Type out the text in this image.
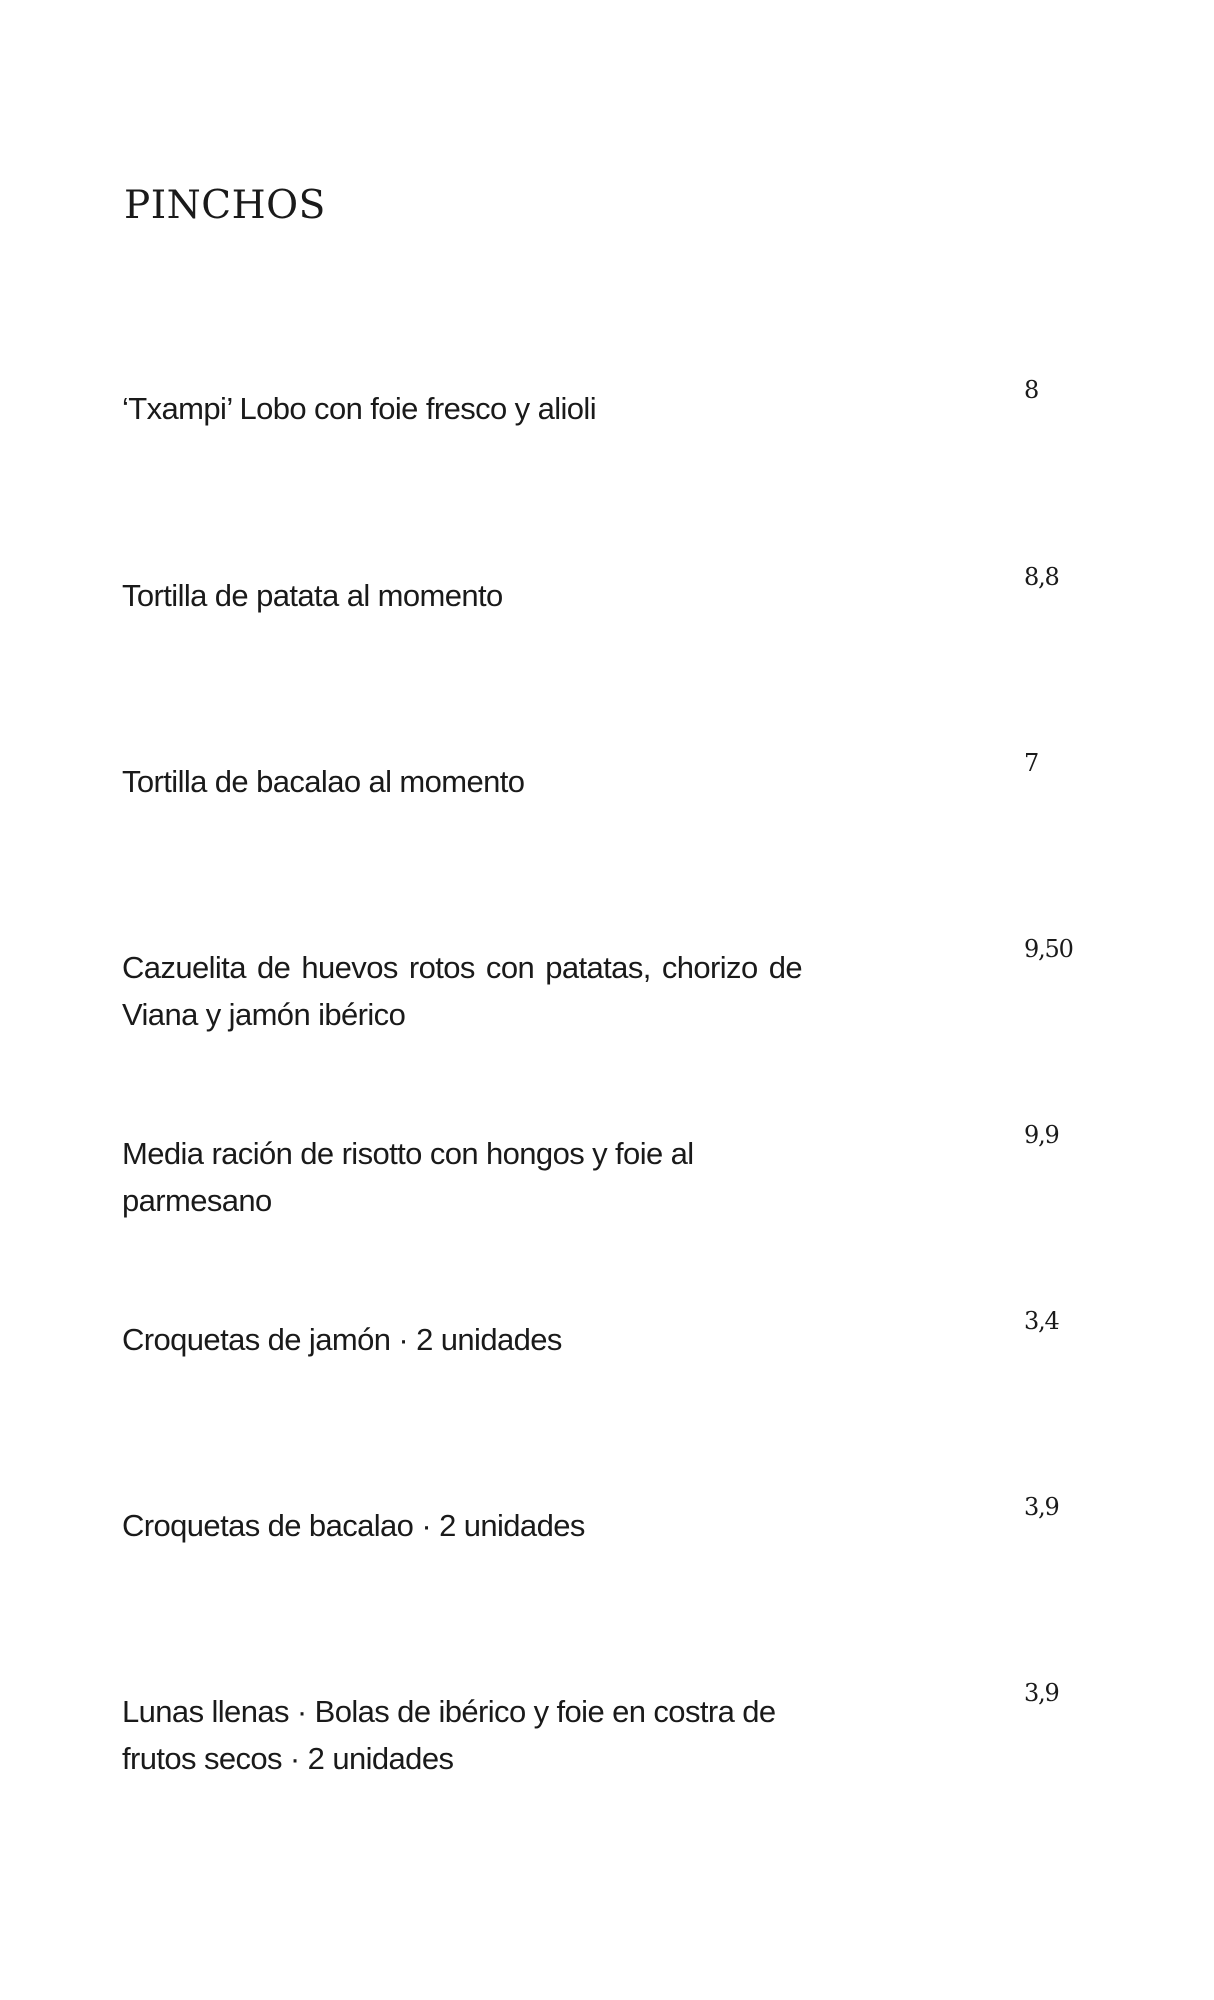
PINCHOS

‘Txampi’ Lobo con foie fresco y alioli

8

Tortilla de patata al momento

8,8

Tortilla de bacalao al momento

7

Cazuelita de huevos rotos con patatas, chorizo de Viana y jamón ibérico

9,50

Media ración de risotto con hongos y foie al parmesano

9,9

Croquetas de jamón · 2 unidades

3,4

Croquetas de bacalao · 2 unidades

3,9

Lunas llenas · Bolas de ibérico y foie en costra de frutos secos · 2 unidades

3,9
